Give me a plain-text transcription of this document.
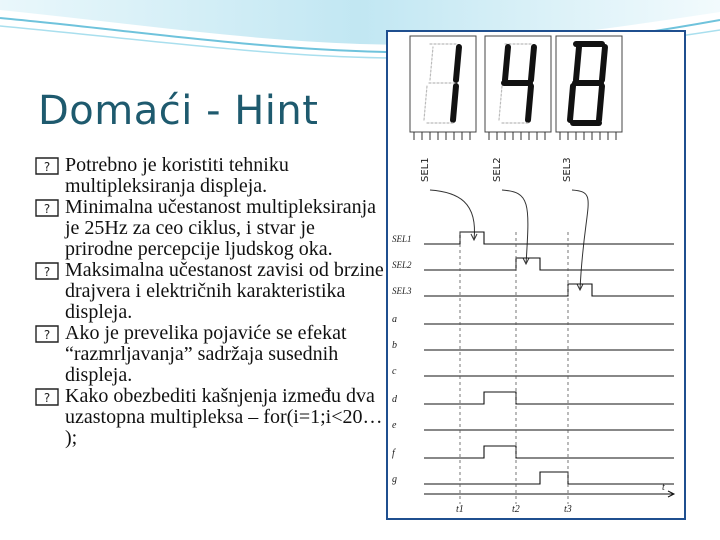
Domaći - Hint
? Potrebno je koristiti tehniku multipleksiranja displeja.
? Minimalna učestanost multipleksiranja je 25Hz za ceo ciklus, i stvar je prirodne percepcije ljudskog oka.
? Maksimalna učestanost zavisi od brzine drajvera i električnih karakteristika displeja.
? Ako je prevelika pojaviće se efekat “razmrljavanja” sadržaja susednih displeja.
? Kako obezbediti kašnjenja između dva uzastopna multipleksa – for(i=1;i<20… );
SEL1	SEL2	SEL3
SEL1
SEL2
SEL3
a
b
c
d
e
f
g
t
t1	t2	t3
